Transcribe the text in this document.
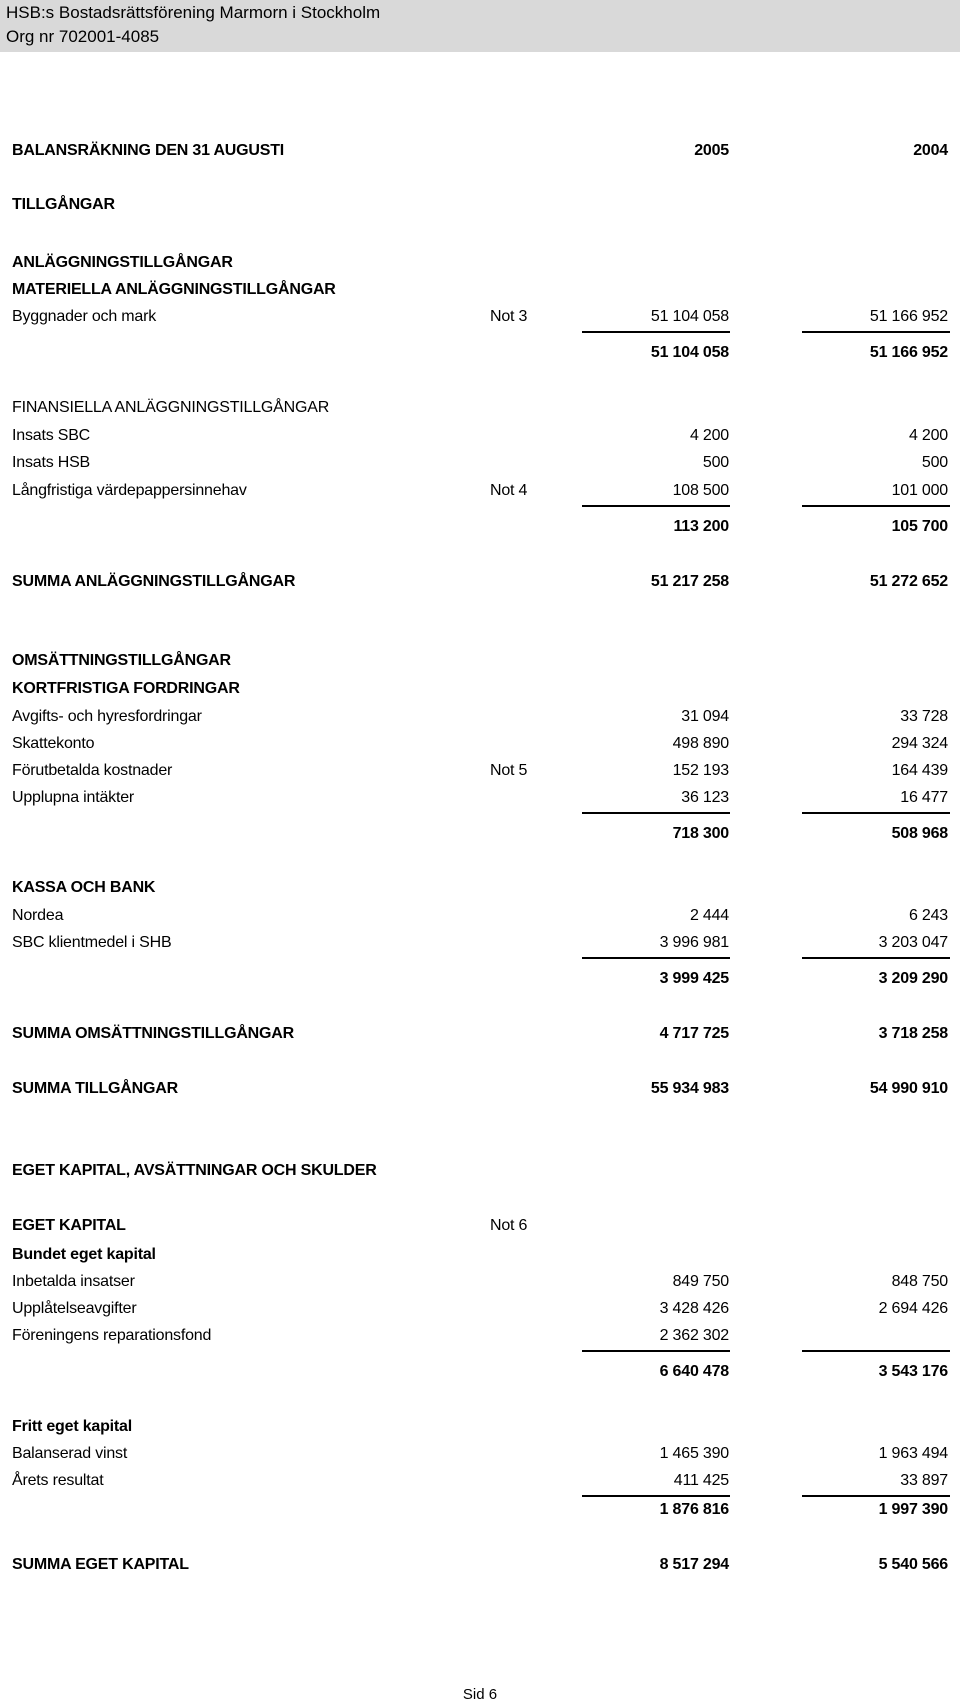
HSB:s Bostadsrättsförening Marmorn i Stockholm
Org nr 702001-4085
BALANSRÄKNING DEN 31 AUGUSTI	2005	2004
TILLGÅNGAR
ANLÄGGNINGSTILLGÅNGAR
MATERIELLA ANLÄGGNINGSTILLGÅNGAR
Byggnader och mark	Not 3	51 104 058	51 166 952
51 104 058	51 166 952
FINANSIELLA ANLÄGGNINGSTILLGÅNGAR
Insats SBC	4 200	4 200
Insats HSB	500	500
Långfristiga värdepappersinnehav	Not 4	108 500	101 000
113 200	105 700
SUMMA ANLÄGGNINGSTILLGÅNGAR	51 217 258	51 272 652
OMSÄTTNINGSTILLGÅNGAR
KORTFRISTIGA FORDRINGAR
Avgifts- och hyresfordringar	31 094	33 728
Skattekonto	498 890	294 324
Förutbetalda kostnader	Not 5	152 193	164 439
Upplupna intäkter	36 123	16 477
718 300	508 968
KASSA OCH BANK
Nordea	2 444	6 243
SBC klientmedel i SHB	3 996 981	3 203 047
3 999 425	3 209 290
SUMMA OMSÄTTNINGSTILLGÅNGAR	4 717 725	3 718 258
SUMMA TILLGÅNGAR	55 934 983	54 990 910
EGET KAPITAL, AVSÄTTNINGAR OCH SKULDER
EGET KAPITAL	Not 6
Bundet eget kapital
Inbetalda insatser	849 750	848 750
Upplåtelseavgifter	3 428 426	2 694 426
Föreningens reparationsfond	2 362 302
6 640 478	3 543 176
Fritt eget kapital
Balanserad vinst	1 465 390	1 963 494
Årets resultat	411 425	33 897
1 876 816	1 997 390
SUMMA EGET KAPITAL	8 517 294	5 540 566
Sid 6
